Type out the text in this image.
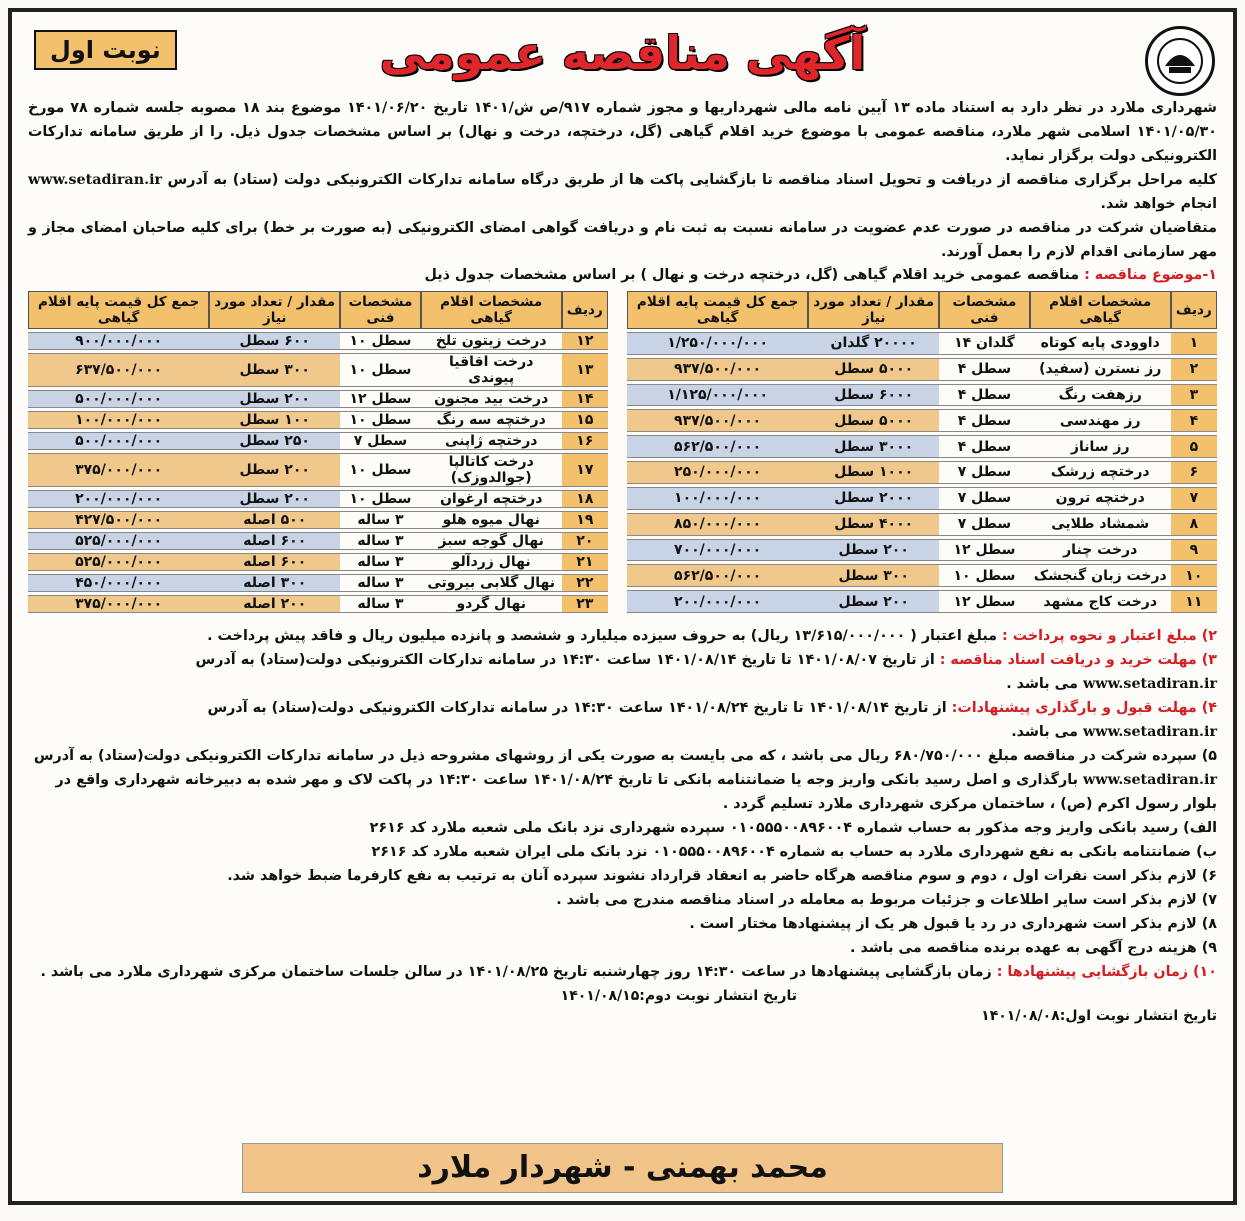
آگهی مناقصه عمومی
نوبت اول

شهرداری ملارد در نظر دارد به استناد ماده ۱۳ آیین نامه مالی شهرداریها و مجوز شماره ۹۱۷/ص ش/۱۴۰۱ تاریخ ۱۴۰۱/۰۶/۲۰ موضوع بند ۱۸ مصوبه جلسه شماره ۷۸ مورخ ۱۴۰۱/۰۵/۳۰ اسلامی شهر ملارد، مناقصه عمومی با موضوع خرید اقلام گیاهی (گل، درختچه، درخت و نهال) بر اساس مشخصات جدول ذیل. را از طریق سامانه تدارکات الکترونیکی دولت برگزار نماید.

کلیه مراحل برگزاری مناقصه از دریافت و تحویل اسناد مناقصه تا بازگشایی پاکت ها از طریق درگاه سامانه تدارکات الکترونیکی دولت (ستاد) به آدرس www.setadiran.ir انجام خواهد شد.

متقاضیان شرکت در مناقصه در صورت عدم عضویت در سامانه نسبت به ثبت نام و دریافت گواهی امضای الکترونیکی (به صورت بر خط) برای کلیه صاحبان امضای مجاز و مهر سازمانی اقدام لازم را بعمل آورند.

۱-موضوع مناقصه : مناقصه عمومی خرید اقلام گیاهی (گل، درختچه درخت و نهال ) بر اساس مشخصات جدول ذیل
ردیف	مشخصات اقلام گیاهی	مشخصات فنی	مقدار / تعداد مورد نیاز	جمع کل قیمت پایه اقلام گیاهی
۱	داوودی پایه کوتاه	گلدان ۱۴	۲۰۰۰۰ گلدان	۱/۲۵۰/۰۰۰/۰۰۰
۲	رز نسترن (سفید)	سطل ۴	۵۰۰۰ سطل	۹۳۷/۵۰۰/۰۰۰
۳	رزهفت رنگ	سطل ۴	۶۰۰۰ سطل	۱/۱۲۵/۰۰۰/۰۰۰
۴	رز مهندسی	سطل ۴	۵۰۰۰ سطل	۹۳۷/۵۰۰/۰۰۰
۵	رز ساناز	سطل ۴	۳۰۰۰ سطل	۵۶۲/۵۰۰/۰۰۰
۶	درختچه زرشک	سطل ۷	۱۰۰۰ سطل	۲۵۰/۰۰۰/۰۰۰
۷	درختچه ترون	سطل ۷	۲۰۰۰ سطل	۱۰۰/۰۰۰/۰۰۰
۸	شمشاد طلایی	سطل ۷	۴۰۰۰ سطل	۸۵۰/۰۰۰/۰۰۰
۹	درخت چنار	سطل ۱۲	۲۰۰ سطل	۷۰۰/۰۰۰/۰۰۰
۱۰	درخت زبان گنجشک	سطل ۱۰	۳۰۰ سطل	۵۶۲/۵۰۰/۰۰۰
۱۱	درخت کاج مشهد	سطل ۱۲	۲۰۰ سطل	۲۰۰/۰۰۰/۰۰۰
ردیف	مشخصات اقلام گیاهی	مشخصات فنی	مقدار / تعداد مورد نیاز	جمع کل قیمت پایه اقلام گیاهی
۱۲	درخت زیتون تلخ	سطل ۱۰	۶۰۰ سطل	۹۰۰/۰۰۰/۰۰۰
۱۳	درخت اقاقیا پیوندی	سطل ۱۰	۳۰۰ سطل	۶۳۷/۵۰۰/۰۰۰
۱۴	درخت بید مجنون	سطل ۱۲	۲۰۰ سطل	۵۰۰/۰۰۰/۰۰۰
۱۵	درختچه سه رنگ	سطل ۱۰	۱۰۰ سطل	۱۰۰/۰۰۰/۰۰۰
۱۶	درختچه ژاپنی	سطل ۷	۲۵۰ سطل	۵۰۰/۰۰۰/۰۰۰
۱۷	درخت کاتالپا (جوالدوزک)	سطل ۱۰	۲۰۰ سطل	۳۷۵/۰۰۰/۰۰۰
۱۸	درختچه ارغوان	سطل ۱۰	۲۰۰ سطل	۲۰۰/۰۰۰/۰۰۰
۱۹	نهال میوه هلو	۳ ساله	۵۰۰ اصله	۴۲۷/۵۰۰/۰۰۰
۲۰	نهال گوجه سبز	۳ ساله	۶۰۰ اصله	۵۲۵/۰۰۰/۰۰۰
۲۱	نهال زردآلو	۳ ساله	۶۰۰ اصله	۵۲۵/۰۰۰/۰۰۰
۲۲	نهال گلابی بیروتی	۳ ساله	۳۰۰ اصله	۴۵۰/۰۰۰/۰۰۰
۲۳	نهال گردو	۳ ساله	۲۰۰ اصله	۳۷۵/۰۰۰/۰۰۰

۲) مبلغ اعتبار و نحوه پرداخت : مبلغ اعتبار ( ۱۳/۶۱۵/۰۰۰/۰۰۰ ریال) به حروف سیزده میلیارد و ششصد و پانزده میلیون ریال و فاقد پیش پرداخت .

۳) مهلت خرید و دریافت اسناد مناقصه : از تاریخ ۱۴۰۱/۰۸/۰۷ تا تاریخ ۱۴۰۱/۰۸/۱۴ ساعت ۱۴:۳۰ در سامانه تدارکات الکترونیکی دولت(ستاد) به آدرس
www.setadiran.ir می باشد .

۴) مهلت قبول و بارگذاری پیشنهادات: از تاریخ ۱۴۰۱/۰۸/۱۴ تا تاریخ ۱۴۰۱/۰۸/۲۴ ساعت ۱۴:۳۰ در سامانه تدارکات الکترونیکی دولت(ستاد) به آدرس
www.setadiran.ir می باشد.

۵) سپرده شرکت در مناقصه مبلغ ۶۸۰/۷۵۰/۰۰۰ ریال می باشد ، که می بایست به صورت یکی از روشهای مشروحه ذیل در سامانه تدارکات الکترونیکی دولت(ستاد) به آدرس www.setadiran.ir بارگذاری و اصل رسید بانکی واریز وجه یا ضمانتنامه بانکی تا تاریخ ۱۴۰۱/۰۸/۲۴ ساعت ۱۴:۳۰ در پاکت لاک و مهر شده به دبیرخانه شهرداری واقع در بلوار رسول اکرم (ص) ، ساختمان مرکزی شهرداری ملارد تسلیم گردد .

الف) رسید بانکی واریز وجه مذکور به حساب شماره ۰۱۰۵۵۵۰۰۸۹۶۰۰۴ سپرده شهرداری نزد بانک ملی شعبه ملارد کد ۲۶۱۶

ب) ضمانتنامه بانکی به نفع شهرداری ملارد به حساب به شماره ۰۱۰۵۵۵۰۰۸۹۶۰۰۴ نزد بانک ملی ایران شعبه ملارد کد ۲۶۱۶

۶) لازم بذکر است نفرات اول ، دوم و سوم مناقصه هرگاه حاضر به انعقاد قرارداد نشوند سپرده آنان به ترتیب به نفع کارفرما ضبط خواهد شد.

۷) لازم بذکر است سایر اطلاعات و جزئیات مربوط به معامله در اسناد مناقصه مندرج می باشد .

۸) لازم بذکر است شهرداری در رد یا قبول هر یک از پیشنهادها مختار است .

۹) هزینه درج آگهی به عهده برنده مناقصه می باشد .

۱۰) زمان بازگشایی پیشنهادها : زمان بازگشایی پیشنهادها در ساعت ۱۴:۳۰ روز چهارشنبه تاریخ ۱۴۰۱/۰۸/۲۵ در سالن جلسات ساختمان مرکزی شهرداری ملارد می باشد .

تاریخ انتشار نوبت دوم:۱۴۰۱/۰۸/۱۵
تاریخ انتشار نوبت اول:۱۴۰۱/۰۸/۰۸
محمد بهمنی - شهردار ملارد
